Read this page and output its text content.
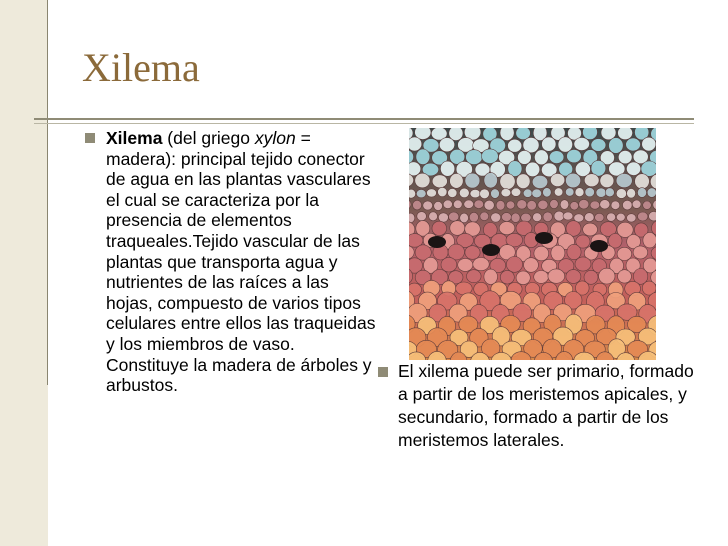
Xilema
Xilema (del griego xylon = madera): principal tejido conector de agua en las plantas vasculares el cual se caracteriza por la presencia de elementos traqueales.Tejido vascular de las plantas que transporta agua y nutrientes de las raíces a las hojas, compuesto de varios tipos celulares entre ellos las traqueidas y los miembros de vaso. Constituye la madera de árboles y arbustos.
El xilema puede ser primario, formado a partir de los meristemos apicales, y secundario, formado a partir de los meristemos laterales.
